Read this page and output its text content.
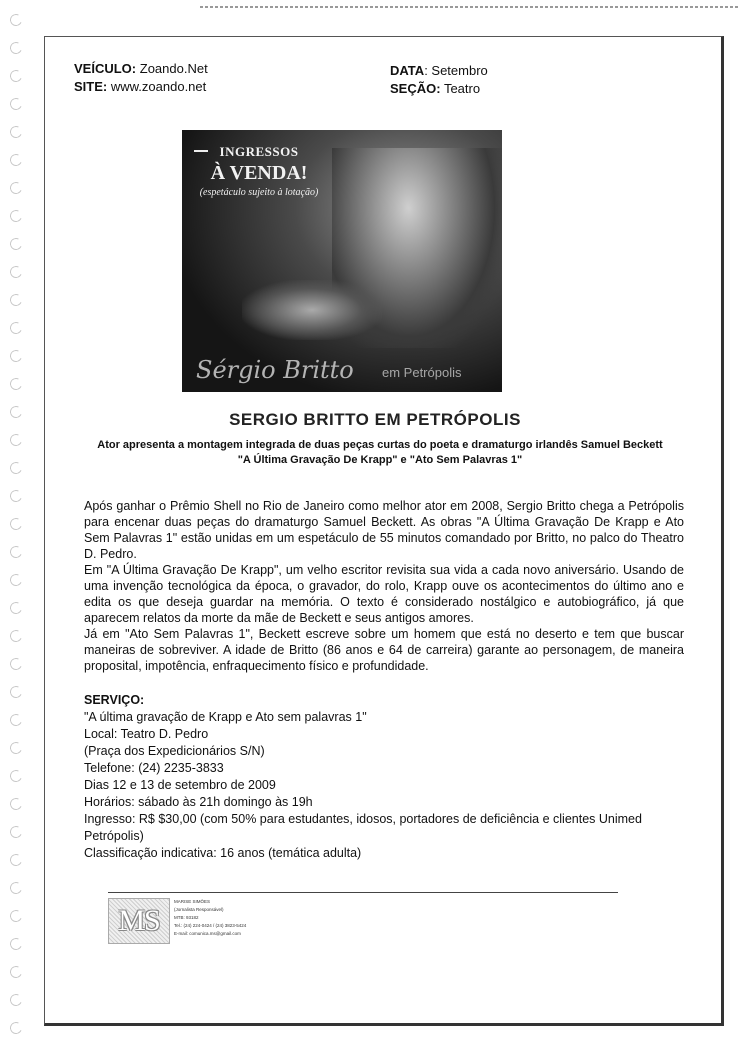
VEÍCULO: Zoando.Net
SITE: www.zoando.net
DATA: Setembro
SEÇÃO: Teatro
INGRESSOS
À VENDA!
(espetáculo sujeito à lotação)
Sérgio Britto em Petrópolis
SERGIO BRITTO EM PETRÓPOLIS
Ator apresenta a montagem integrada de duas peças curtas do poeta e dramaturgo irlandês Samuel Beckett
"A Última Gravação De Krapp" e "Ato Sem Palavras 1"

Após ganhar o Prêmio Shell no Rio de Janeiro como melhor ator em 2008, Sergio Britto chega a Petrópolis para encenar duas peças do dramaturgo Samuel Beckett. As obras "A Última Gravação De Krapp e Ato Sem Palavras 1" estão unidas em um espetáculo de 55 minutos comandado por Britto, no palco do Theatro D. Pedro.

Em "A Última Gravação De Krapp", um velho escritor revisita sua vida a cada novo aniversário. Usando de uma invenção tecnológica da época, o gravador, do rolo, Krapp ouve os acontecimentos do último ano e edita os que deseja guardar na memória. O texto é considerado nostálgico e autobiográfico, já que aparecem relatos da morte da mãe de Beckett e seus antigos amores.

Já em "Ato Sem Palavras 1", Beckett escreve sobre um homem que está no deserto e tem que buscar maneiras de sobreviver. A idade de Britto (86 anos e 64 de carreira) garante ao personagem, de maneira proposital, impotência, enfraquecimento físico e profundidade.

SERVIÇO:
"A última gravação de Krapp e Ato sem palavras 1"
Local: Teatro D. Pedro
(Praça dos Expedicionários S/N)
Telefone: (24) 2235-3833
Dias 12 e 13 de setembro de 2009
Horários: sábado às 21h domingo às 19h
Ingresso: R$ $30,00 (com 50% para estudantes, idosos, portadores de deficiência e clientes Unimed Petrópolis)
Classificação indicativa: 16 anos (temática adulta)
MS
MARISE SIMÕES
(Jornalista Responsável)
MTB: 93182
Tel.: (24) 224-0424 / (24) 3823-5424
E-mail: comunica.ms@gmail.com
